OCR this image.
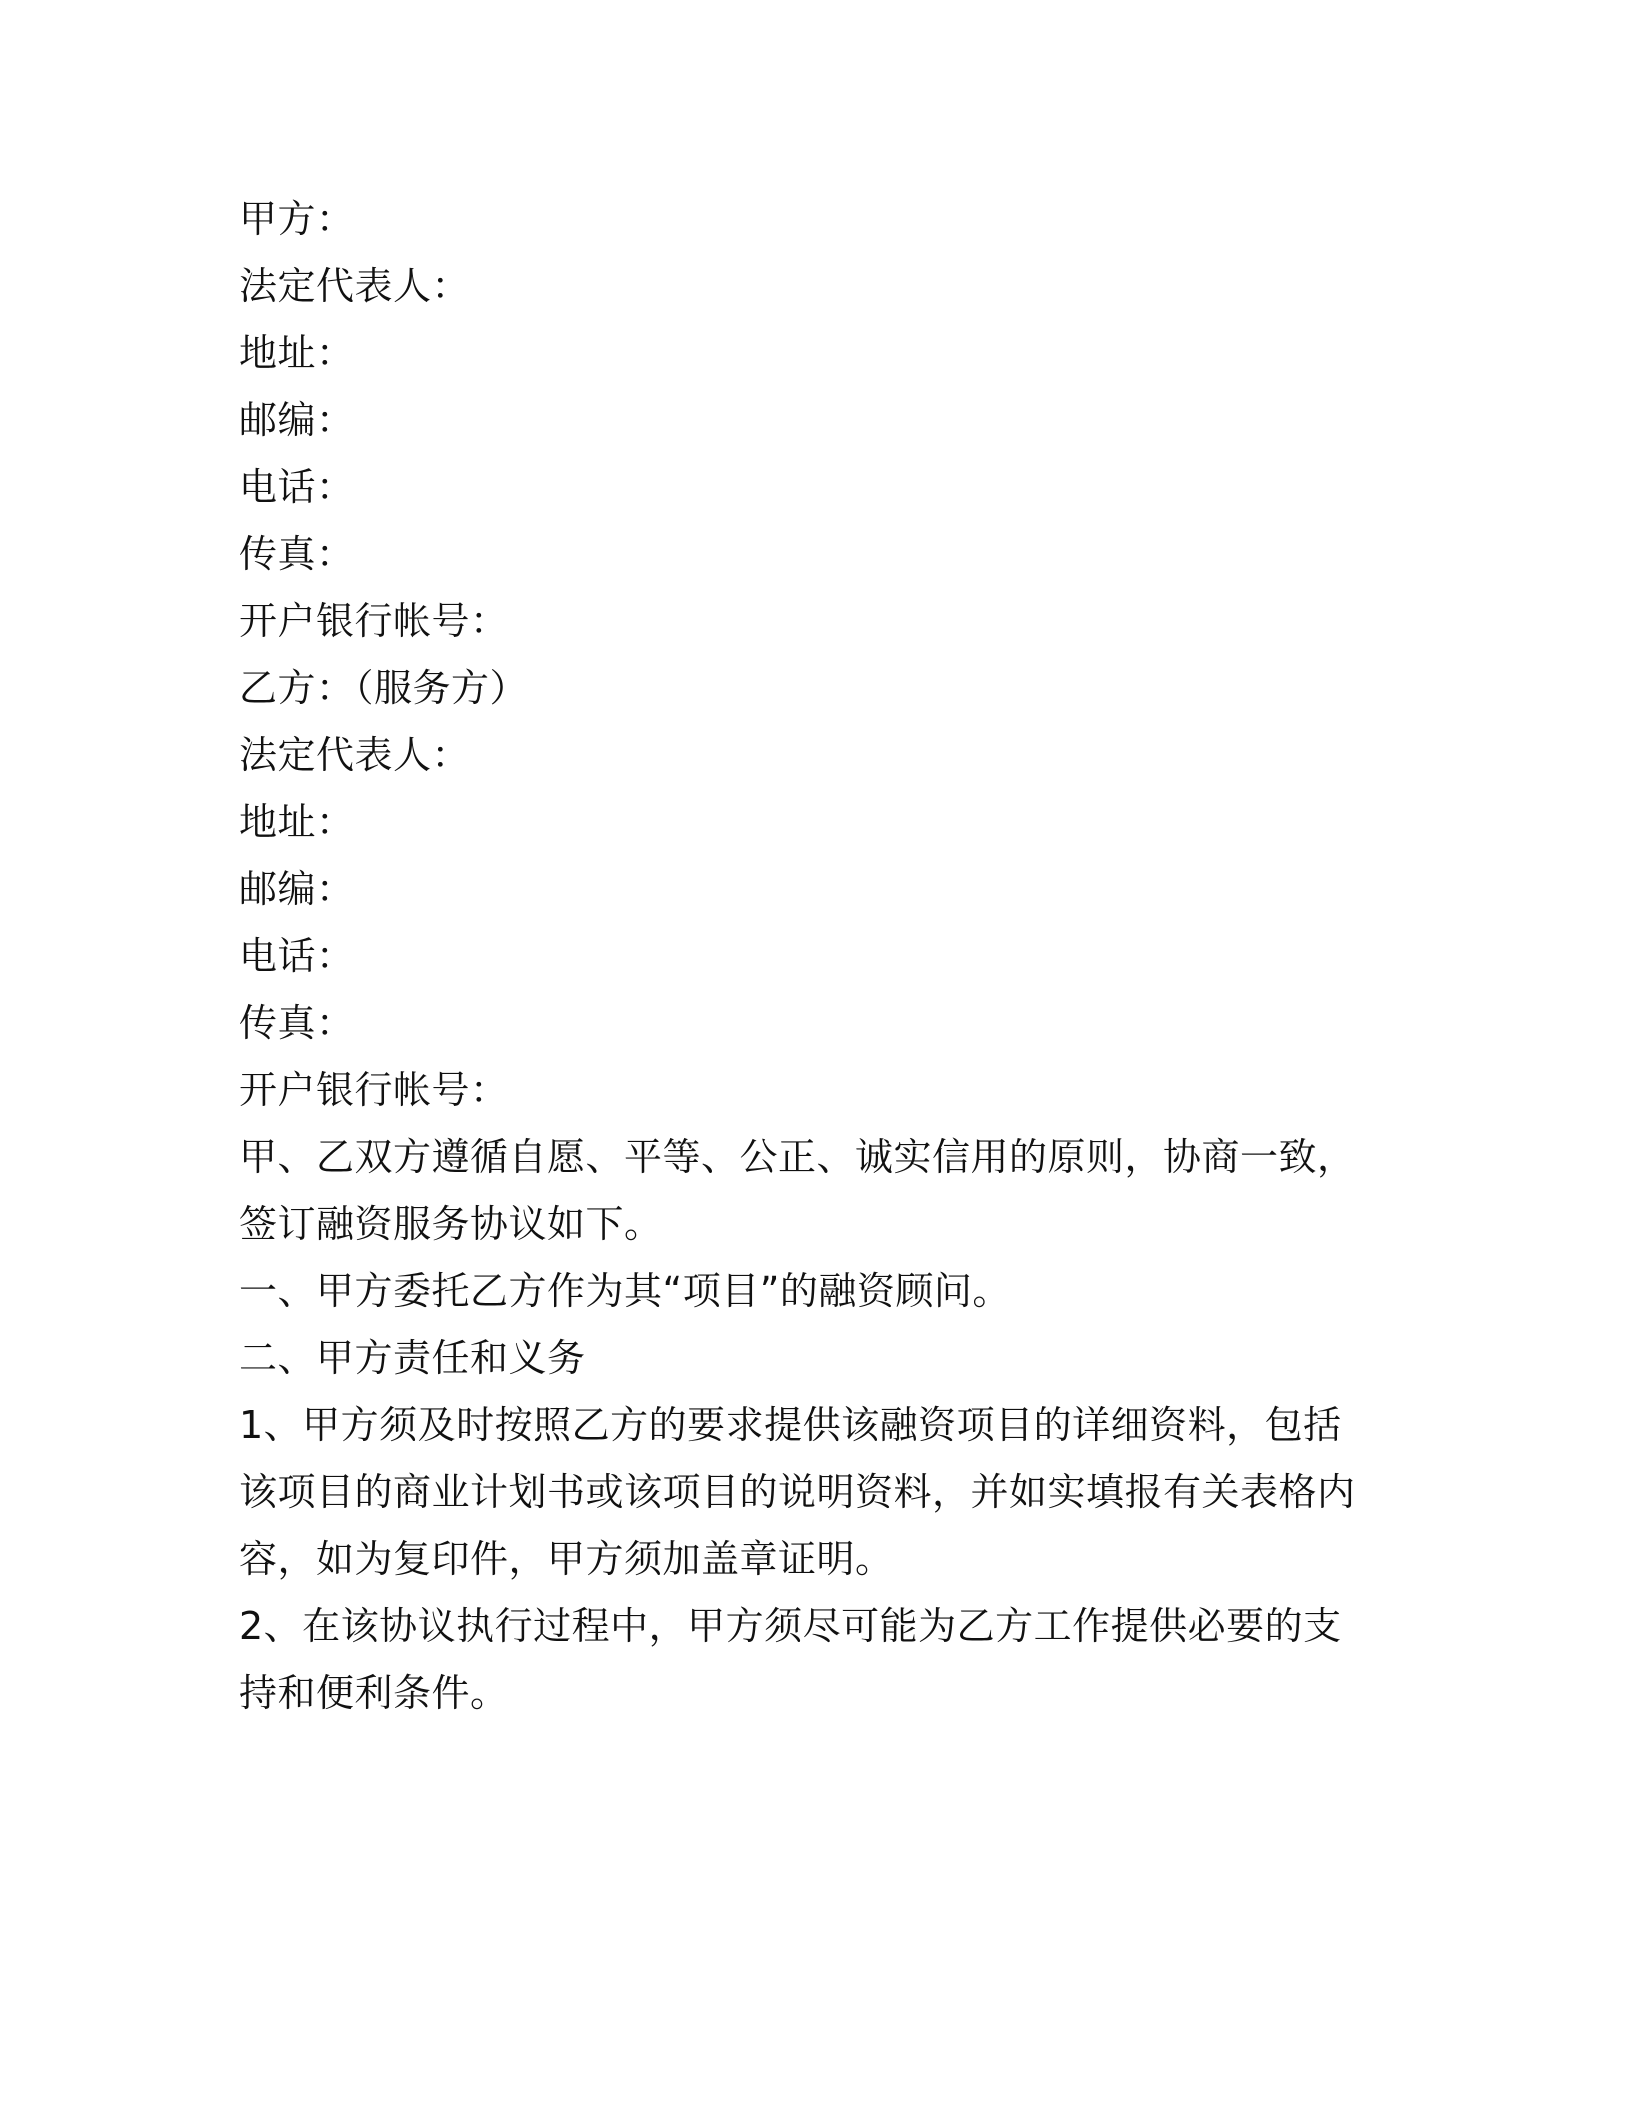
甲方：
法定代表人：
地址：
邮编：
电话：
传真：
开户银行帐号：
乙方：（服务方）
法定代表人：
地址：
邮编：
电话：
传真：
开户银行帐号：
甲、乙双方遵循自愿、平等、公正、诚实信用的原则，协商一致，签订融资服务协议如下。
一、甲方委托乙方作为其“项目”的融资顾问。
二、甲方责任和义务
1、甲方须及时按照乙方的要求提供该融资项目的详细资料，包括该项目的商业计划书或该项目的说明资料，并如实填报有关表格内容，如为复印件，甲方须加盖章证明。
2、在该协议执行过程中，甲方须尽可能为乙方工作提供必要的支持和便利条件。
